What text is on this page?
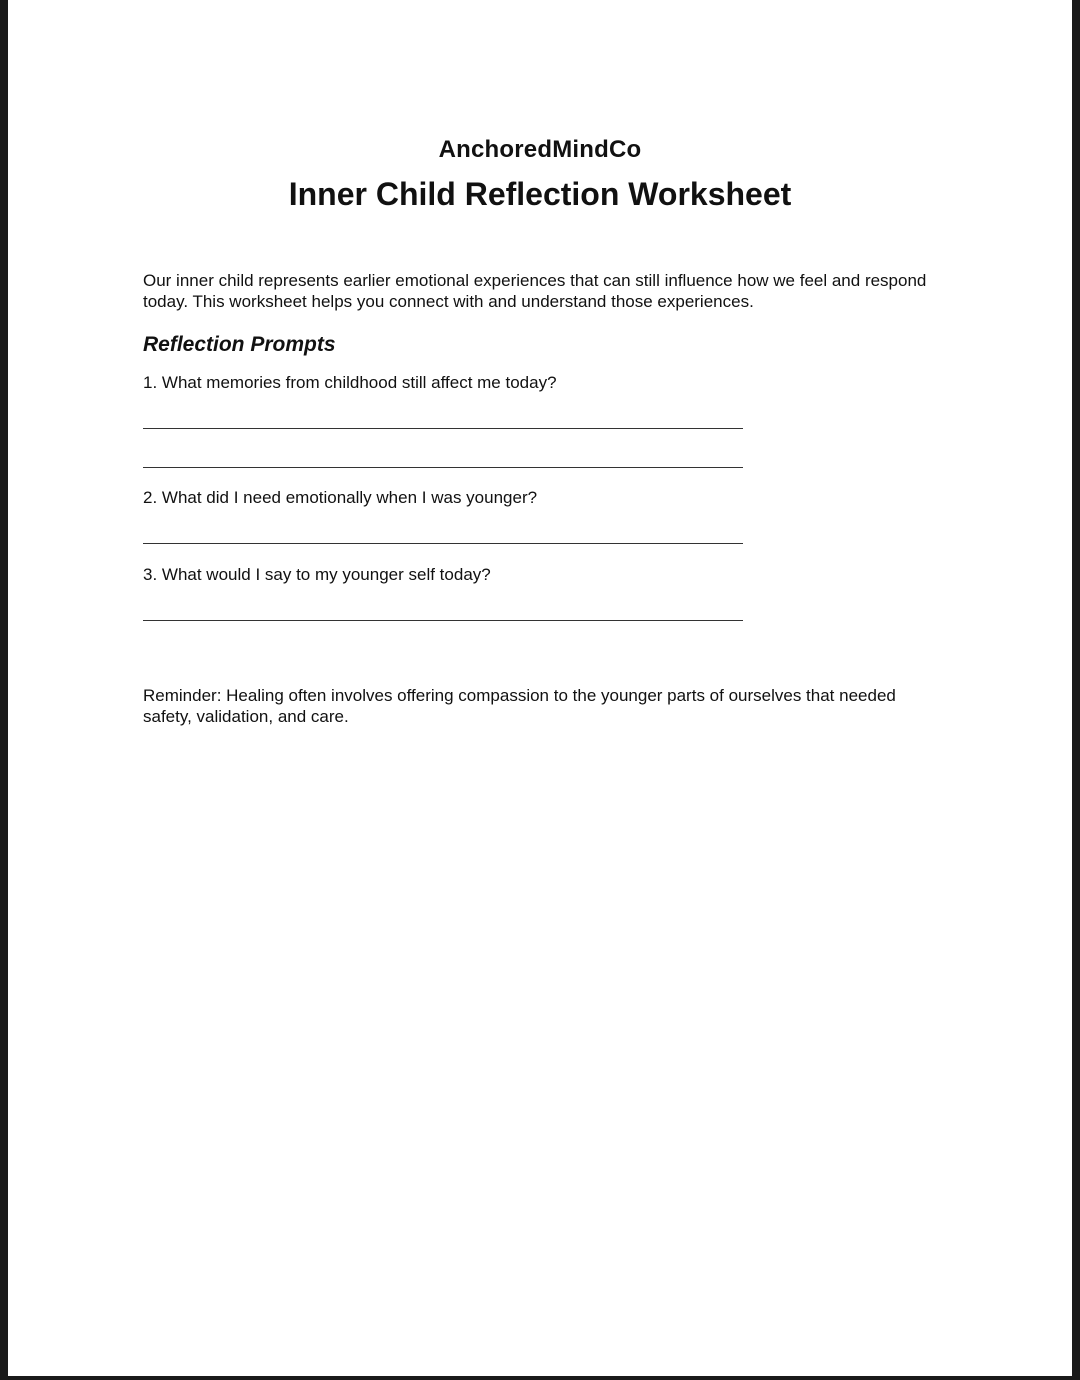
AnchoredMindCo
Inner Child Reflection Worksheet
Our inner child represents earlier emotional experiences that can still influence how we feel and respond today. This worksheet helps you connect with and understand those experiences.
Reflection Prompts
1. What memories from childhood still affect me today?
2. What did I need emotionally when I was younger?
3. What would I say to my younger self today?
Reminder: Healing often involves offering compassion to the younger parts of ourselves that needed safety, validation, and care.
